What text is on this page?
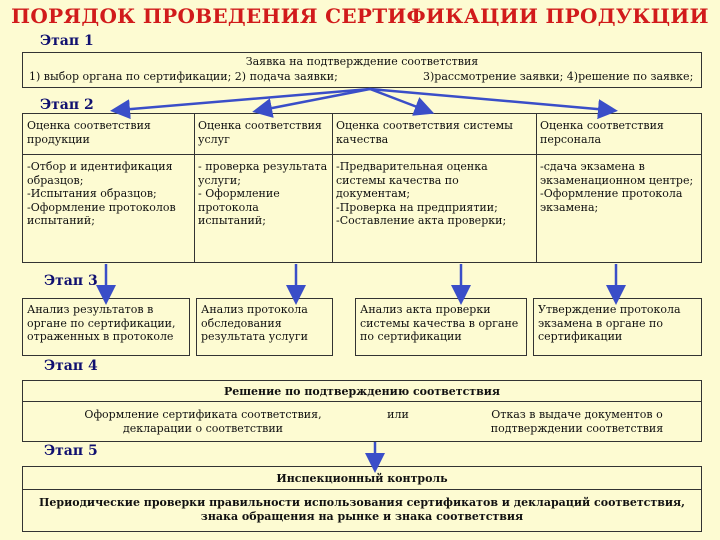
ПОРЯДОК ПРОВЕДЕНИЯ СЕРТИФИКАЦИИ ПРОДУКЦИИ
Этап 1
Этап 2
Этап 3
Этап 4
Этап 5
Заявка на подтверждение соответствия
1) выбор органа по сертификации; 2) подача заявки;	3)рассмотрение заявки; 4)решение по заявке;
Оценка соответствия продукции
Оценка соответствия услуг
Оценка соответствия системы качества
Оценка соответствия персонала
-Отбор и идентификация образцов;
-Испытания образцов;
-Оформление протоколов испытаний;
- проверка результата услуги;
- Оформление протокола испытаний;
-Предварительная оценка системы качества по документам;
-Проверка на предприятии;
-Составление акта проверки;
-сдача экзамена в экзаменационном центре;
-Оформление протокола экзамена;
Анализ результатов в органе по сертификации, отраженных в протоколе
Анализ протокола обследования результата услуги
Анализ акта проверки системы качества в органе по сертификации
Утверждение протокола экзамена в органе по сертификации
Решение по подтверждению соответствия
Оформление сертификата соответствия, декларации о соответствии
или	Отказ в выдаче документов о подтверждении соответствия
Инспекционный контроль
Периодические проверки правильности использования сертификатов и деклараций соответствия, знака обращения на рынке и знака соответствия
